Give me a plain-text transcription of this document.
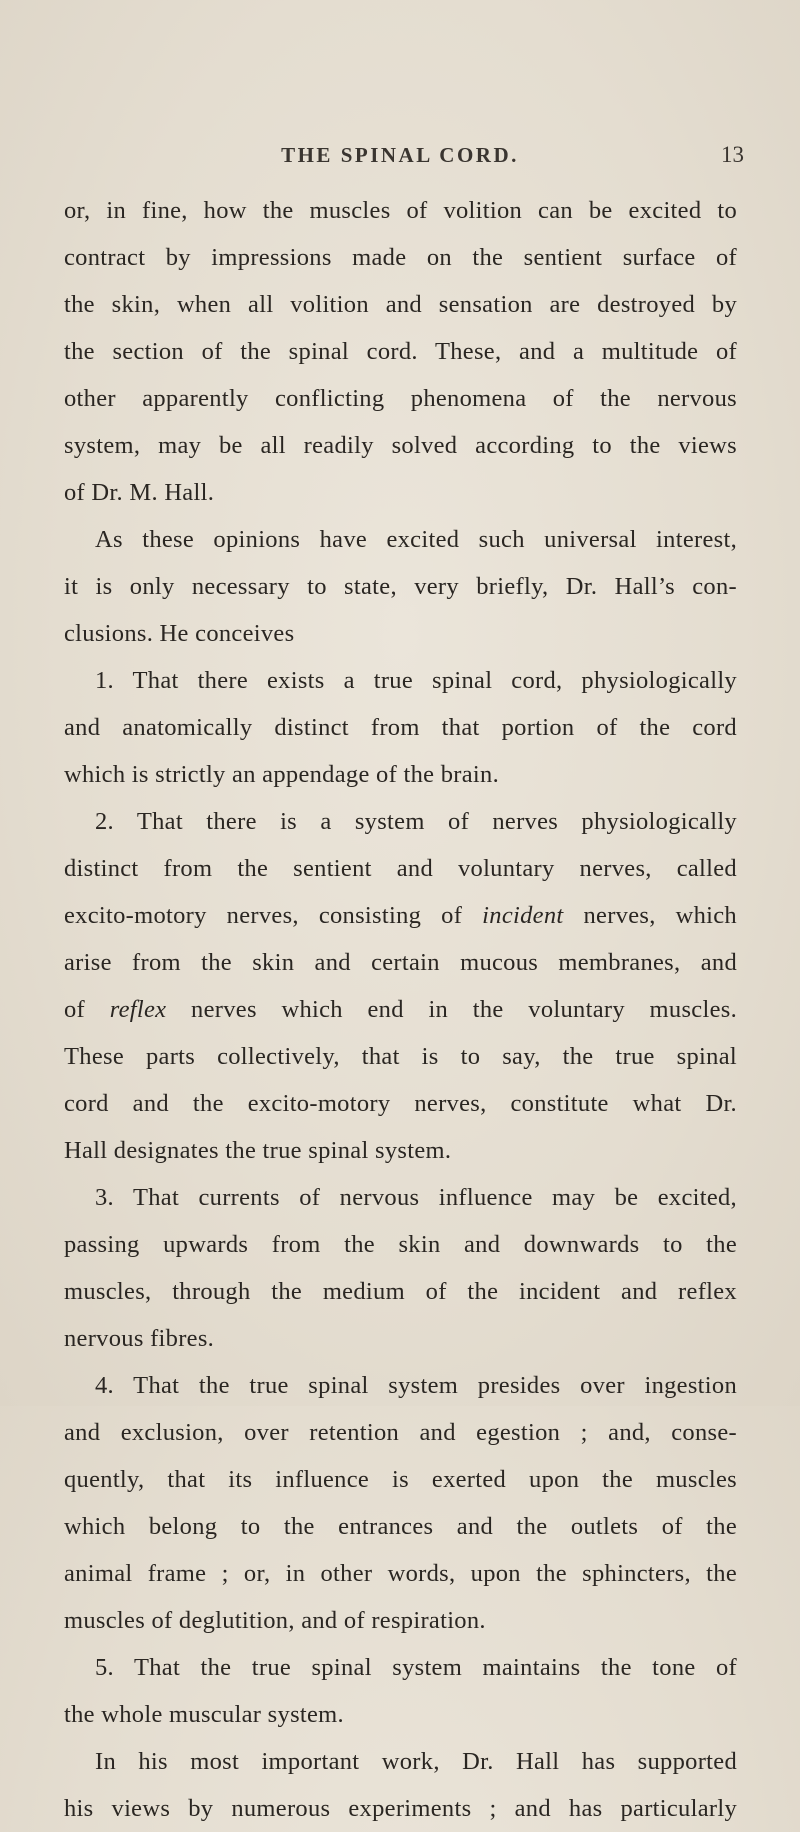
THE SPINAL CORD.	13
or, in fine, how the muscles of volition can be excited to
contract by impressions made on the sentient surface of
the skin, when all volition and sensation are destroyed by
the section of the spinal cord. These, and a multitude of
other apparently conflicting phenomena of the nervous
system, may be all readily solved according to the views
of Dr. M. Hall.
As these opinions have excited such universal interest,
it is only necessary to state, very briefly, Dr. Hall’s con-
clusions. He conceives
1. That there exists a true spinal cord, physiologically
and anatomically distinct from that portion of the cord
which is strictly an appendage of the brain.
2. That there is a system of nerves physiologically
distinct from the sentient and voluntary nerves, called
excito-motory nerves, consisting of incident nerves, which
arise from the skin and certain mucous membranes, and
of reflex nerves which end in the voluntary muscles.
These parts collectively, that is to say, the true spinal
cord and the excito-motory nerves, constitute what Dr.
Hall designates the true spinal system.
3. That currents of nervous influence may be excited,
passing upwards from the skin and downwards to the
muscles, through the medium of the incident and reflex
nervous fibres.
4. That the true spinal system presides over ingestion
and exclusion, over retention and egestion ; and, conse-
quently, that its influence is exerted upon the muscles
which belong to the entrances and the outlets of the
animal frame ; or, in other words, upon the sphincters, the
muscles of deglutition, and of respiration.
5. That the true spinal system maintains the tone of
the whole muscular system.
In his most important work, Dr. Hall has supported
his views by numerous experiments ; and has particularly
